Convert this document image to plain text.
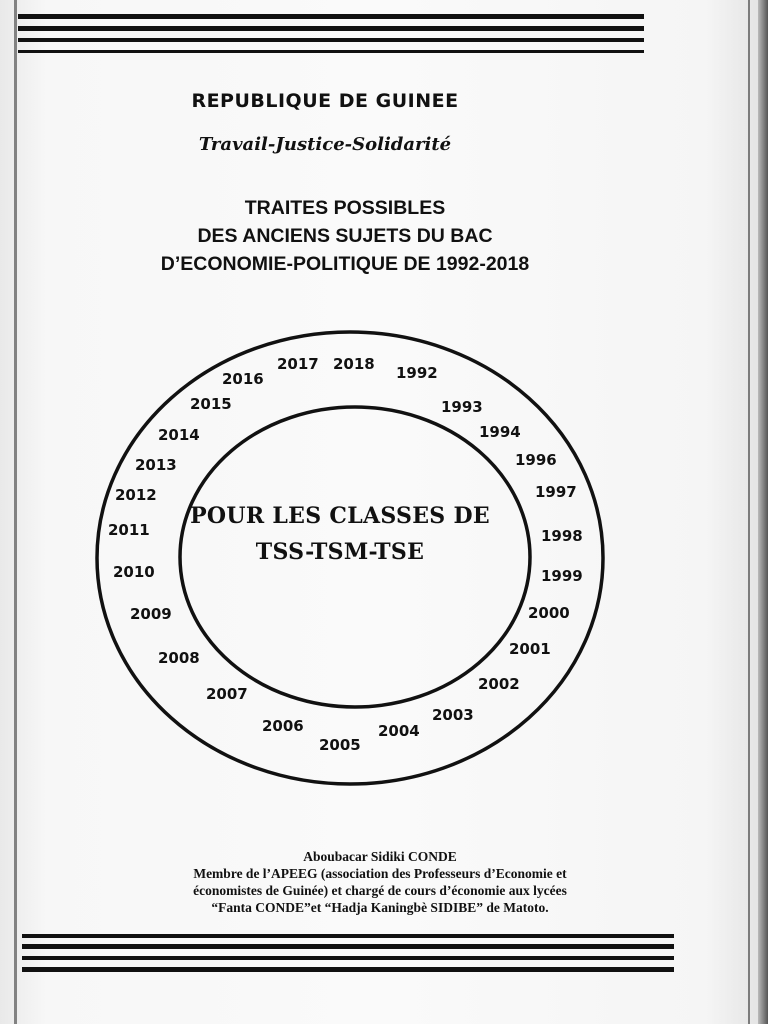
REPUBLIQUE DE GUINEE
Travail-Justice-Solidarité
TRAITES POSSIBLES
DES ANCIENS SUJETS DU BAC
D’ECONOMIE-POLITIQUE DE 1992-2018
2017 2018 1992
1993
1994
1996
1997
1998
1999
2000
2001
2002
2003
2004
2005
2006
2007
2008
2009
2010
2011
2012
2013
2014
2015
2016
POUR LES CLASSES DE
TSS-TSM-TSE
Aboubacar Sidiki CONDE
Membre de l’APEEG (association des Professeurs d’Economie et
économistes de Guinée) et chargé de cours d’économie aux lycées
“Fanta CONDE”et “Hadja Kaningbè SIDIBE” de Matoto.
